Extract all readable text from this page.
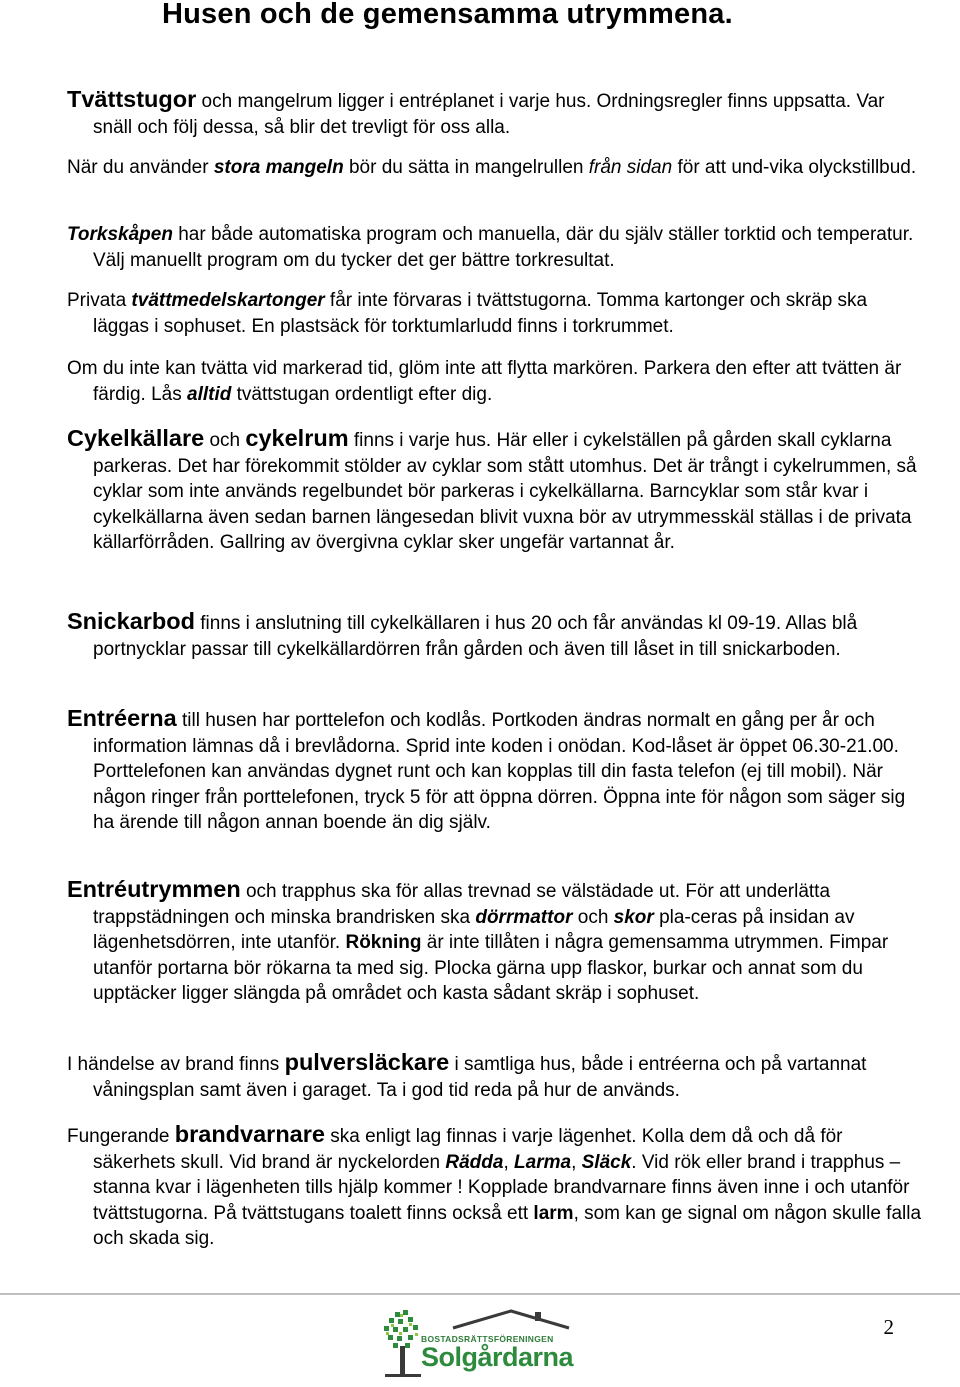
Husen och de gemensamma utrymmena.

Tvättstugor och mangelrum ligger i entréplanet i varje hus. Ordningsregler finns uppsatta. Var snäll och följ dessa, så blir det trevligt för oss alla.

När du använder stora mangeln bör du sätta in mangelrullen från sidan för att und-vika olyckstillbud.

Torkskåpen har både automatiska program och manuella, där du själv ställer torktid och temperatur. Välj manuellt program om du tycker det ger bättre torkresultat.

Privata tvättmedelskartonger får inte förvaras i tvättstugorna. Tomma kartonger och skräp ska läggas i sophuset. En plastsäck för torktumlarludd finns i torkrummet.

Om du inte kan tvätta vid markerad tid, glöm inte att flytta markören. Parkera den efter att tvätten är färdig. Lås alltid tvättstugan ordentligt efter dig.

Cykelkällare och cykelrum finns i varje hus. Här eller i cykelställen på gården skall cyklarna parkeras. Det har förekommit stölder av cyklar som stått utomhus. Det är trångt i cykelrummen, så cyklar som inte används regelbundet bör parkeras i cykelkällarna. Barncyklar som står kvar i cykelkällarna även sedan barnen längesedan blivit vuxna bör av utrymmesskäl ställas i de privata källarförråden. Gallring av övergivna cyklar sker ungefär vartannat år.

Snickarbod finns i anslutning till cykelkällaren i hus 20 och får användas kl 09-19. Allas blå portnycklar passar till cykelkällardörren från gården och även till låset in till snickarboden.

Entréerna till husen har porttelefon och kodlås. Portkoden ändras normalt en gång per år och information lämnas då i brevlådorna. Sprid inte koden i onödan. Kod-låset är öppet 06.30-21.00. Porttelefonen kan användas dygnet runt och kan kopplas till din fasta telefon (ej till mobil). När någon ringer från porttelefonen, tryck 5 för att öppna dörren. Öppna inte för någon som säger sig ha ärende till någon annan boende än dig själv.

Entréutrymmen och trapphus ska för allas trevnad se välstädade ut. För att underlätta trappstädningen och minska brandrisken ska dörrmattor och skor pla-ceras på insidan av lägenhetsdörren, inte utanför. Rökning är inte tillåten i några gemensamma utrymmen. Fimpar utanför portarna bör rökarna ta med sig. Plocka gärna upp flaskor, burkar och annat som du upptäcker ligger slängda på området och kasta sådant skräp i sophuset.

I händelse av brand finns pulversläckare i samtliga hus, både i entréerna och på vartannat våningsplan samt även i garaget. Ta i god tid reda på hur de används.

Fungerande brandvarnare ska enligt lag finnas i varje lägenhet. Kolla dem då och då för säkerhets skull. Vid brand är nyckelorden Rädda, Larma, Släck. Vid rök eller brand i trapphus – stanna kvar i lägenheten tills hjälp kommer ! Kopplade brandvarnare finns även inne i och utanför tvättstugorna. På tvättstugans toalett finns också ett larm, som kan ge signal om någon skulle falla och skada sig.

BOSTADSRÄTTSFÖRENINGEN
Solgårdarna
2
